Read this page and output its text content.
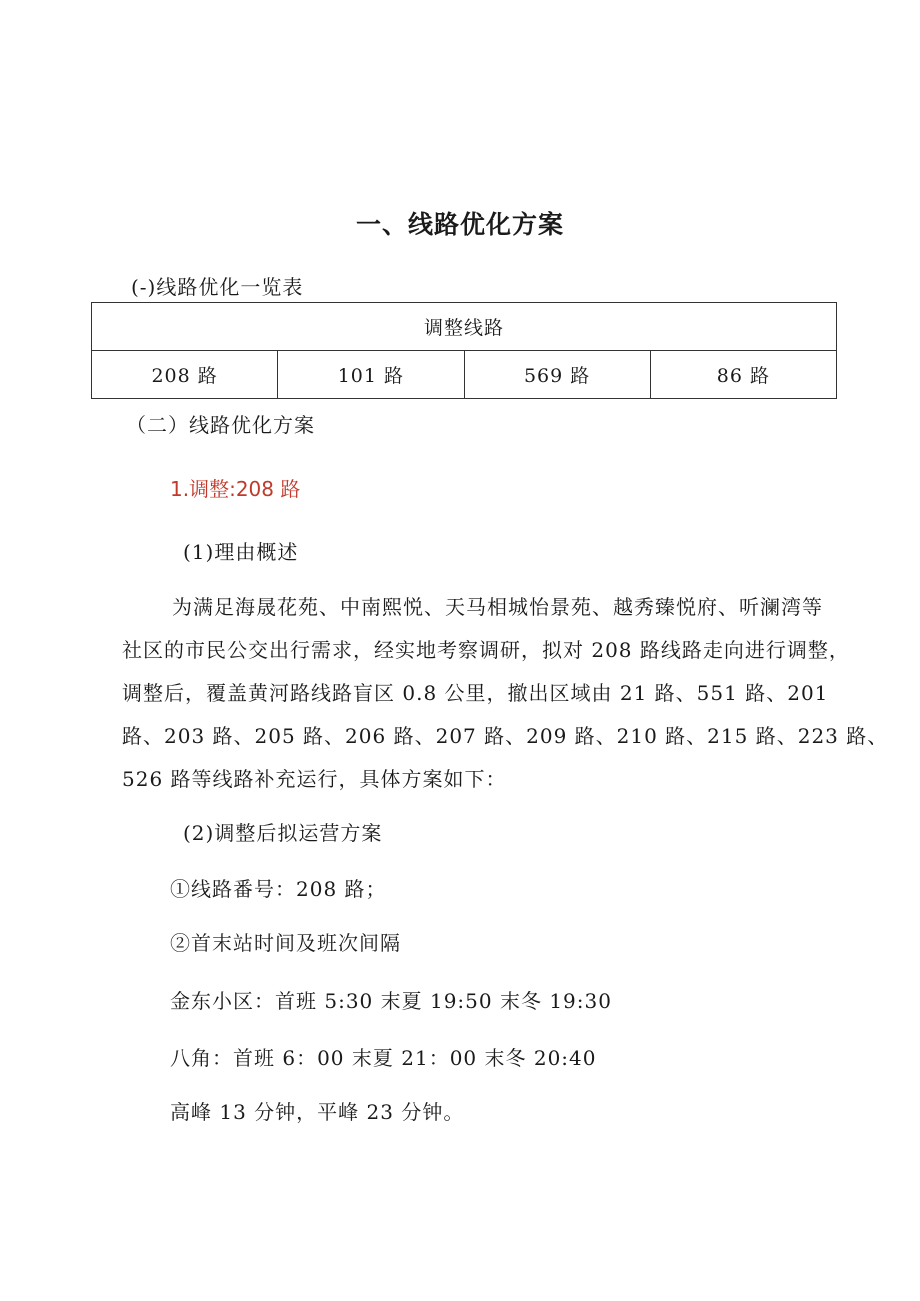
一、线路优化方案
(-)线路优化一览表
调整线路
208 路	101 路	569 路	86 路
（二）线路优化方案
1.调整:208 路
(1)理由概述
为满足海晟花苑、中南熙悦、天马相城怡景苑、越秀臻悦府、听澜湾等
社区的市民公交出行需求，经实地考察调研，拟对 208 路线路走向进行调整，
调整后，覆盖黄河路线路盲区 0.8 公里，撤出区域由 21 路、551 路、201
路、203 路、205 路、206 路、207 路、209 路、210 路、215 路、223 路、
526 路等线路补充运行，具体方案如下：
(2)调整后拟运营方案
①线路番号：208 路；
②首末站时间及班次间隔
金东小区：首班 5:30 末夏 19:50 末冬 19:30
八角：首班 6：00 末夏 21：00 末冬 20:40
高峰 13 分钟，平峰 23 分钟。
